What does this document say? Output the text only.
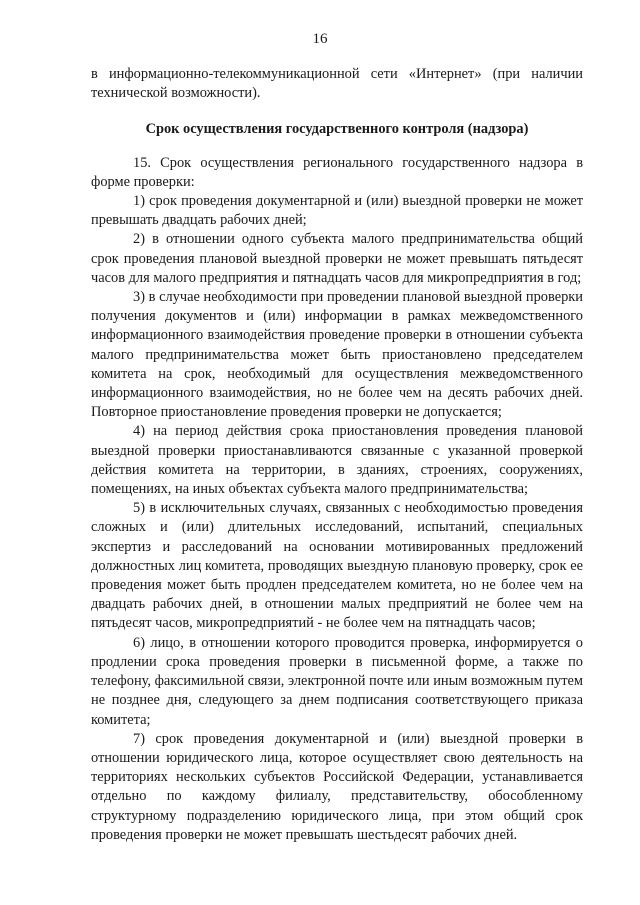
16

в информационно-телекоммуникационной сети «Интернет» (при наличии технической возможности).

Срок осуществления государственного контроля (надзора)

15. Срок осуществления регионального государственного надзора в форме проверки:

1) срок проведения документарной и (или) выездной проверки не может превышать двадцать рабочих дней;

2) в отношении одного субъекта малого предпринимательства общий срок проведения плановой выездной проверки не может превышать пятьдесят часов для малого предприятия и пятнадцать часов для микропредприятия в год;

3) в случае необходимости при проведении плановой выездной проверки получения документов и (или) информации в рамках межведомственного информационного взаимодействия проведение проверки в отношении субъекта малого предпринимательства может быть приостановлено председателем комитета на срок, необходимый для осуществления межведомственного информационного взаимодействия, но не более чем на десять рабочих дней. Повторное приостановление проведения проверки не допускается;

4) на период действия срока приостановления проведения плановой выездной проверки приостанавливаются связанные с указанной проверкой действия комитета на территории, в зданиях, строениях, сооружениях, помещениях, на иных объектах субъекта малого предпринимательства;

5) в исключительных случаях, связанных с необходимостью проведения сложных и (или) длительных исследований, испытаний, специальных экспертиз и расследований на основании мотивированных предложений должностных лиц комитета, проводящих выездную плановую проверку, срок ее проведения может быть продлен председателем комитета, но не более чем на двадцать рабочих дней, в отношении малых предприятий не более чем на пятьдесят часов, микропредприятий - не более чем на пятнадцать часов;

6) лицо, в отношении которого проводится проверка, информируется о продлении срока проведения проверки в письменной форме, а также по телефону, факсимильной связи, электронной почте или иным возможным путем не позднее дня, следующего за днем подписания соответствующего приказа комитета;

7) срок проведения документарной и (или) выездной проверки в отношении юридического лица, которое осуществляет свою деятельность на территориях нескольких субъектов Российской Федерации, устанавливается отдельно по каждому филиалу, представительству, обособленному структурному подразделению юридического лица, при этом общий срок проведения проверки не может превышать шестьдесят рабочих дней.
